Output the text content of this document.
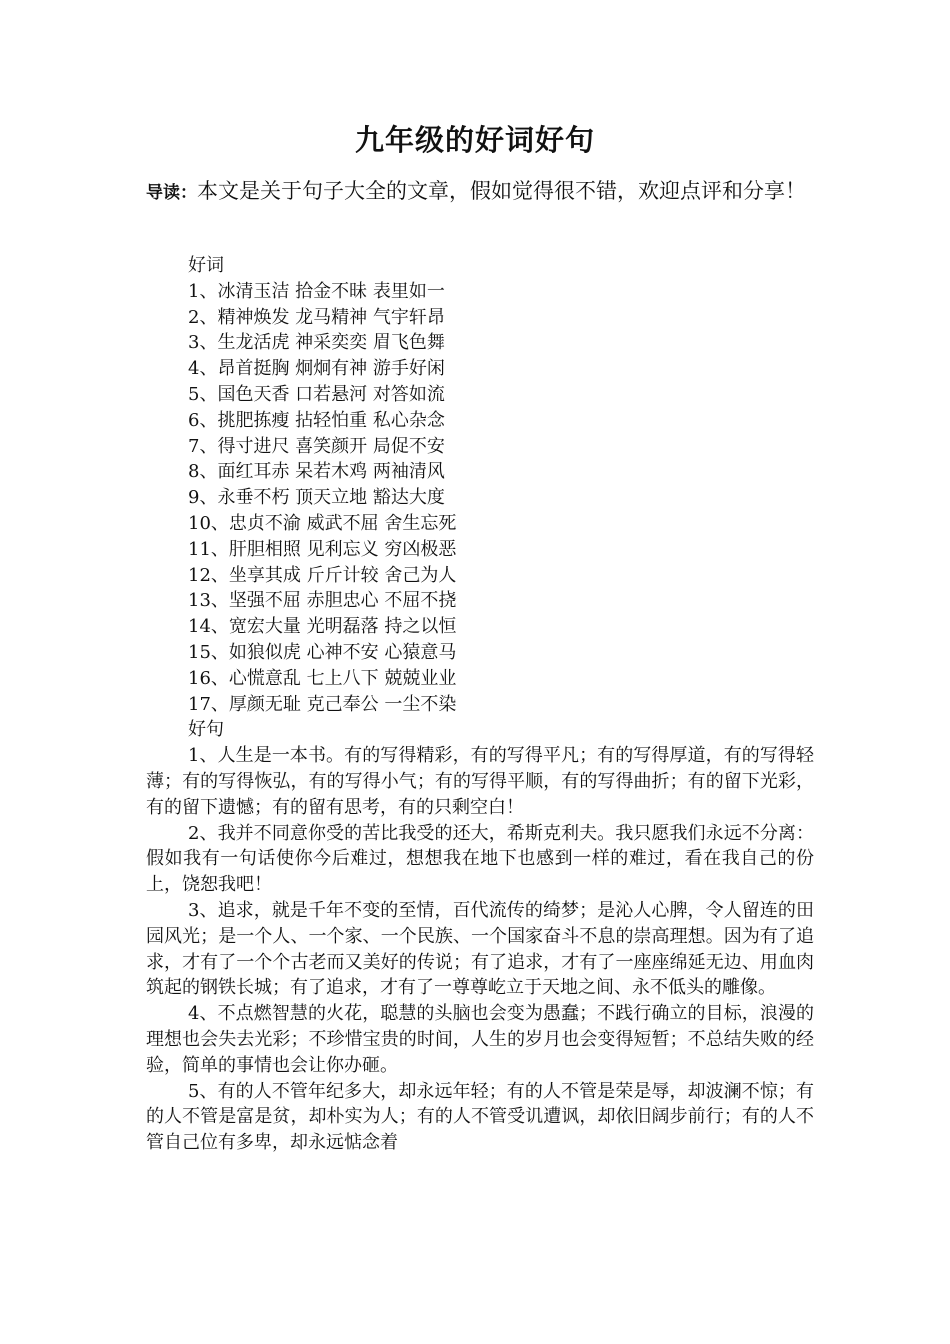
九年级的好词好句

导读：本文是关于句子大全的文章，假如觉得很不错，欢迎点评和分享！

好词
1、冰清玉洁 拾金不昧 表里如一
2、精神焕发 龙马精神 气宇轩昂
3、生龙活虎 神采奕奕 眉飞色舞
4、昂首挺胸 炯炯有神 游手好闲
5、国色天香 口若悬河 对答如流
6、挑肥拣瘦 拈轻怕重 私心杂念
7、得寸进尺 喜笑颜开 局促不安
8、面红耳赤 呆若木鸡 两袖清风
9、永垂不朽 顶天立地 豁达大度
10、忠贞不渝 威武不屈 舍生忘死
11、肝胆相照 见利忘义 穷凶极恶
12、坐享其成 斤斤计较 舍己为人
13、坚强不屈 赤胆忠心 不屈不挠
14、宽宏大量 光明磊落 持之以恒
15、如狼似虎 心神不安 心猿意马
16、心慌意乱 七上八下 兢兢业业
17、厚颜无耻 克己奉公 一尘不染
好句

1、人生是一本书。有的写得精彩，有的写得平凡；有的写得厚道，有的写得轻薄；有的写得恢弘，有的写得小气；有的写得平顺，有的写得曲折；有的留下光彩，有的留下遗憾；有的留有思考，有的只剩空白！

2、我并不同意你受的苦比我受的还大，希斯克利夫。我只愿我们永远不分离：假如我有一句话使你今后难过，想想我在地下也感到一样的难过，看在我自己的份上，饶恕我吧！

3、追求，就是千年不变的至情，百代流传的绮梦；是沁人心脾，令人留连的田园风光；是一个人、一个家、一个民族、一个国家奋斗不息的崇高理想。因为有了追求，才有了一个个古老而又美好的传说；有了追求，才有了一座座绵延无边、用血肉筑起的钢铁长城；有了追求，才有了一尊尊屹立于天地之间、永不低头的雕像。

4、不点燃智慧的火花，聪慧的头脑也会变为愚蠢；不践行确立的目标，浪漫的理想也会失去光彩；不珍惜宝贵的时间，人生的岁月也会变得短暂；不总结失败的经验，简单的事情也会让你办砸。

5、有的人不管年纪多大，却永远年轻；有的人不管是荣是辱，却波澜不惊；有的人不管是富是贫，却朴实为人；有的人不管受讥遭讽，却依旧阔步前行；有的人不管自己位有多卑，却永远惦念着
